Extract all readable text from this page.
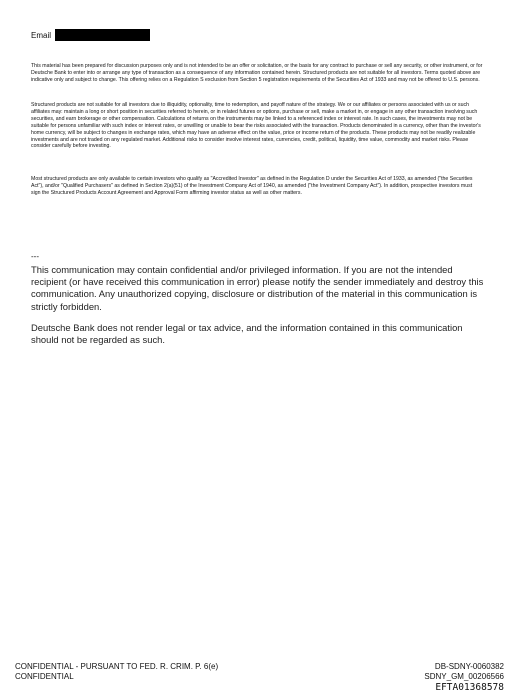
Email

This material has been prepared for discussion purposes only and is not intended to be an offer or solicitation, or the basis for any contract to purchase or sell any security, or other instrument, or for Deutsche Bank to enter into or arrange any type of transaction as a consequence of any information contained herein. Structured products are not suitable for all investors. Terms quoted above are indicative only and subject to change. This offering relies on a Regulation S exclusion from Section 5 registration requirements of the Securities Act of 1933 and may not be offered to U.S. persons.

Structured products are not suitable for all investors due to illiquidity, optionality, time to redemption, and payoff nature of the strategy. We or our affiliates or persons associated with us or such affiliates may: maintain a long or short position in securities referred to herein, or in related futures or options, purchase or sell, make a market in, or engage in any other transaction involving such securities, and earn brokerage or other compensation. Calculations of returns on the instruments may be linked to a referenced index or interest rate. In such cases, the investments may not be suitable for persons unfamiliar with such index or interest rates, or unwilling or unable to bear the risks associated with the transaction. Products denominated in a currency, other than the investor's home currency, will be subject to changes in exchange rates, which may have an adverse effect on the value, price or income return of the products. These products may not be readily realizable investments and are not traded on any regulated market. Additional risks to consider involve interest rates, currencies, credit, political, liquidity, time value, commodity and market risks. Please consider carefully before investing.

Most structured products are only available to certain investors who qualify as "Accredited Investor" as defined in the Regulation D under the Securities Act of 1933, as amended ("the Securities Act"), and/or "Qualified Purchasers" as defined in Section 2(a)(51) of the Investment Company Act of 1940, as amended ("the Investment Company Act"). In addition, prospective investors must sign the Structured Products Account Agreement and Approval Form affirming investor status as well as other matters.

---

This communication may contain confidential and/or privileged information. If you are not the intended recipient (or have received this communication in error) please notify the sender immediately and destroy this communication. Any unauthorized copying, disclosure or distribution of the material in this communication is strictly forbidden.

Deutsche Bank does not render legal or tax advice, and the information contained in this communication should not be regarded as such.

CONFIDENTIAL - PURSUANT TO FED. R. CRIM. P. 6(e)
CONFIDENTIAL
DB-SDNY-0060382
SDNY_GM_00206566
EFTA01368578
